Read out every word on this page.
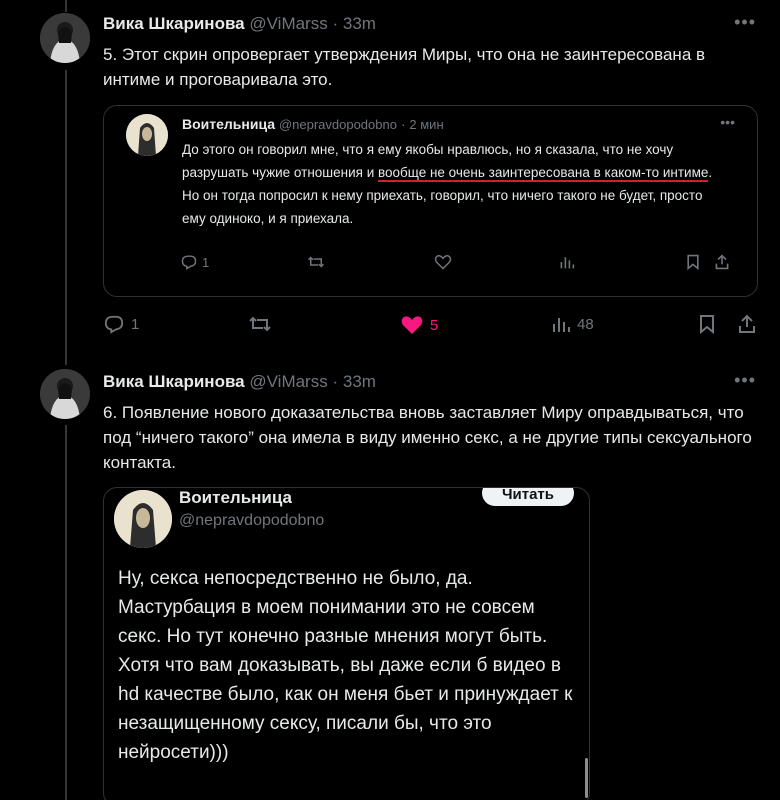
Вика Шкаринова @ViMarss · 33m	•••
5. Этот скрин опровергает утверждения Миры, что она не заинтересована в интиме и проговаривала это.
Воительница @nepravdopodobno · 2 мин	•••
До этого он говорил мне, что я ему якобы нравлюсь, но я сказала, что не хочу разрушать чужие отношения и вообще не очень заинтересована в каком-то интиме. Но он тогда попросил к нему приехать, говорил, что ничего такого не будет, просто ему одиноко, и я приехала.
1
1	5	48
Вика Шкаринова @ViMarss · 33m	•••
6. Появление нового доказательства вновь заставляет Миру оправдываться, что под “ничего такого” она имела в виду именно секс, а не другие типы сексуального контакта.
Воительница
@nepravdopodobno
Читать
Ну, секса непосредственно не было, да. Мастурбация в моем понимании это не совсем секс. Но тут конечно разные мнения могут быть. Хотя что вам доказывать, вы даже если б видео в hd качестве было, как он меня бьет и принуждает к незащищенному сексу, писали бы, что это нейросети)))
